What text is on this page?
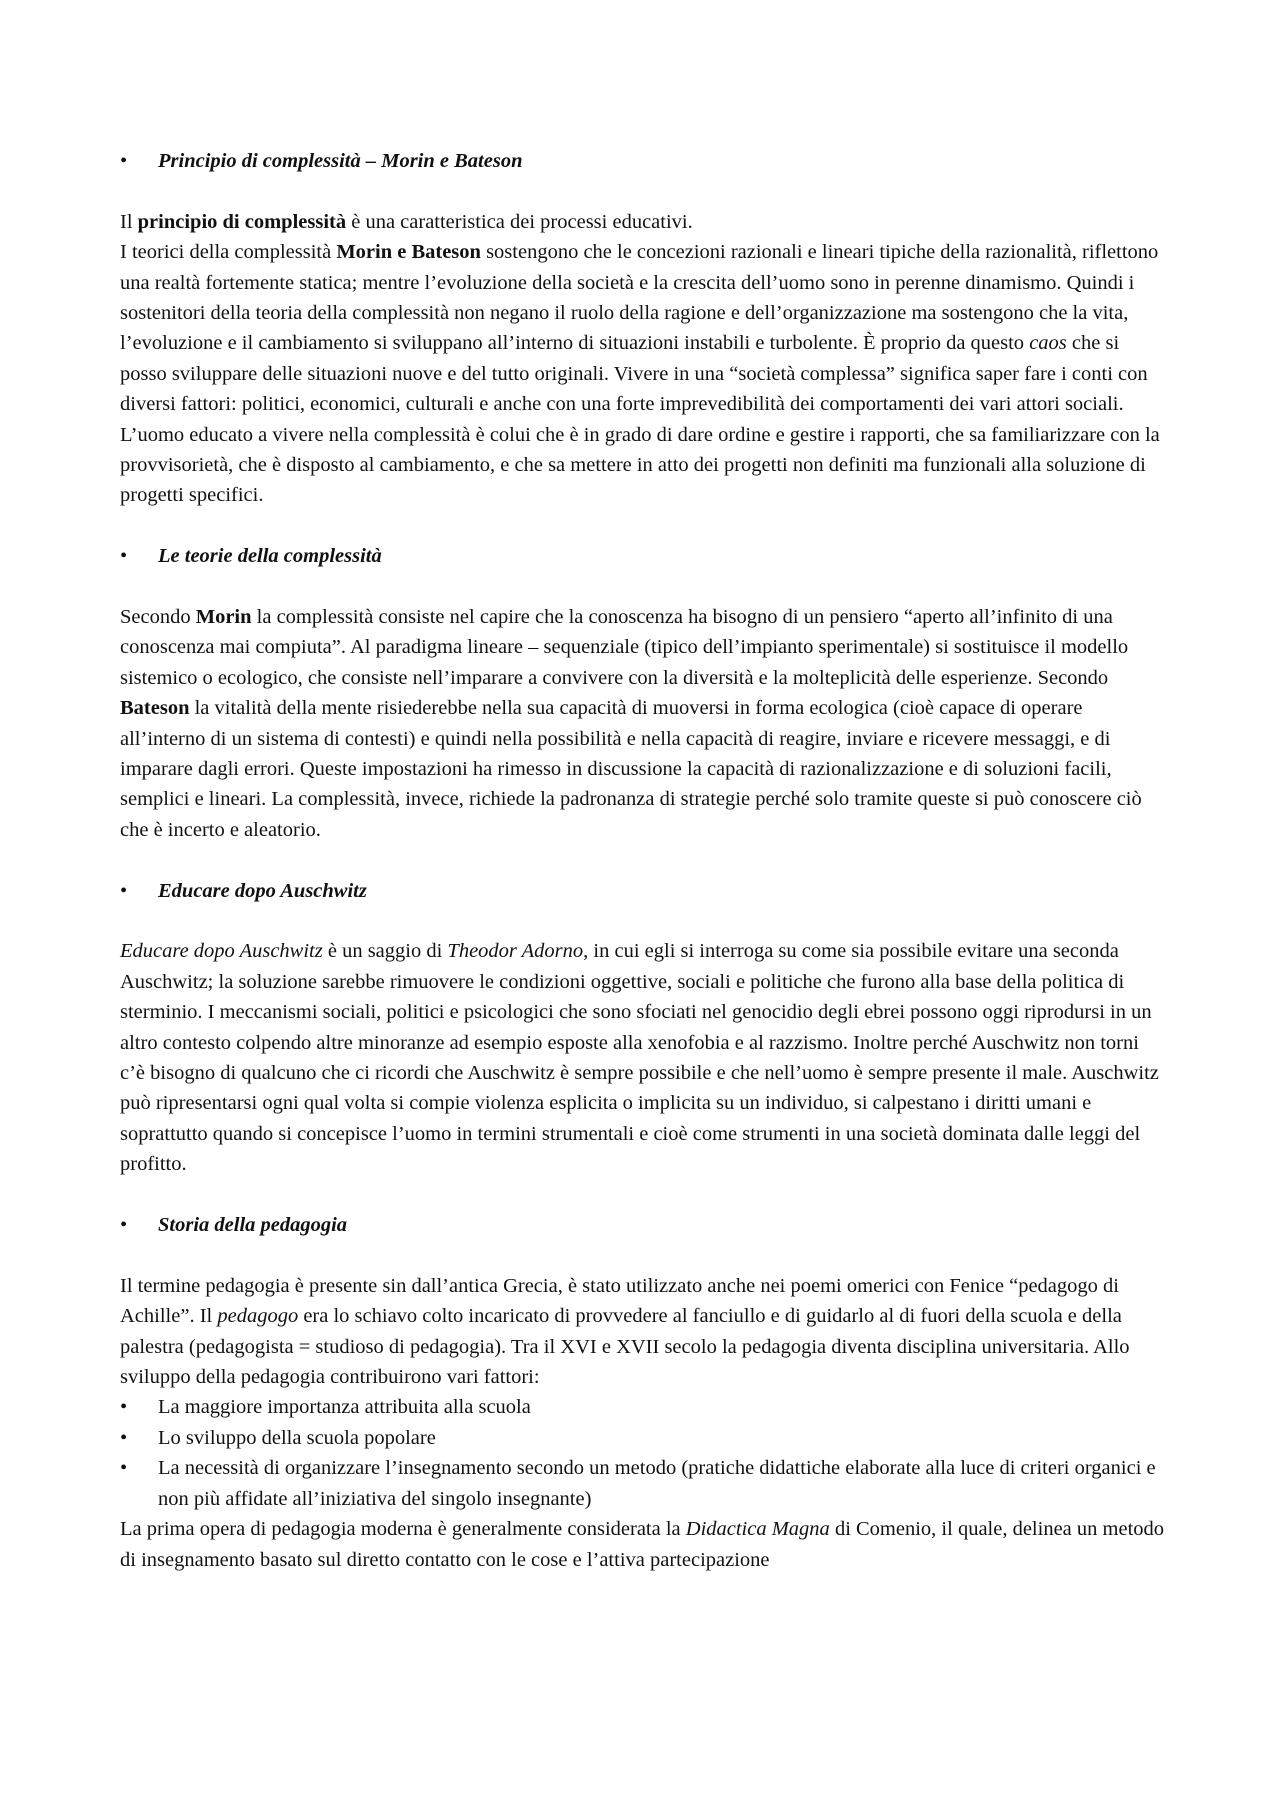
• Principio di complessità – Morin e Bateson

Il principio di complessità è una caratteristica dei processi educativi.

I teorici della complessità Morin e Bateson sostengono che le concezioni razionali e lineari tipiche della razionalità, riflettono una realtà fortemente statica; mentre l’evoluzione della società e la crescita dell’uomo sono in perenne dinamismo. Quindi i sostenitori della teoria della complessità non negano il ruolo della ragione e dell’organizzazione ma sostengono che la vita, l’evoluzione e il cambiamento si sviluppano all’interno di situazioni instabili e turbolente. È proprio da questo caos che si posso sviluppare delle situazioni nuove e del tutto originali. Vivere in una “società complessa” significa saper fare i conti con diversi fattori: politici, economici, culturali e anche con una forte imprevedibilità dei comportamenti dei vari attori sociali. L’uomo educato a vivere nella complessità è colui che è in grado di dare ordine e gestire i rapporti, che sa familiarizzare con la provvisorietà, che è disposto al cambiamento, e che sa mettere in atto dei progetti non definiti ma funzionali alla soluzione di progetti specifici.

• Le teorie della complessità

Secondo Morin la complessità consiste nel capire che la conoscenza ha bisogno di un pensiero “aperto all’infinito di una conoscenza mai compiuta”. Al paradigma lineare – sequenziale (tipico dell’impianto sperimentale) si sostituisce il modello sistemico o ecologico, che consiste nell’imparare a convivere con la diversità e la molteplicità delle esperienze. Secondo Bateson la vitalità della mente risiederebbe nella sua capacità di muoversi in forma ecologica (cioè capace di operare all’interno di un sistema di contesti) e quindi nella possibilità e nella capacità di reagire, inviare e ricevere messaggi, e di imparare dagli errori. Queste impostazioni ha rimesso in discussione la capacità di razionalizzazione e di soluzioni facili, semplici e lineari. La complessità, invece, richiede la padronanza di strategie perché solo tramite queste si può conoscere ciò che è incerto e aleatorio.

• Educare dopo Auschwitz

Educare dopo Auschwitz è un saggio di Theodor Adorno, in cui egli si interroga su come sia possibile evitare una seconda Auschwitz; la soluzione sarebbe rimuovere le condizioni oggettive, sociali e politiche che furono alla base della politica di sterminio. I meccanismi sociali, politici e psicologici che sono sfociati nel genocidio degli ebrei possono oggi riprodursi in un altro contesto colpendo altre minoranze ad esempio esposte alla xenofobia e al razzismo. Inoltre perché Auschwitz non torni c’è bisogno di qualcuno che ci ricordi che Auschwitz è sempre possibile e che nell’uomo è sempre presente il male. Auschwitz può ripresentarsi ogni qual volta si compie violenza esplicita o implicita su un individuo, si calpestano i diritti umani e soprattutto quando si concepisce l’uomo in termini strumentali e cioè come strumenti in una società dominata dalle leggi del profitto.

• Storia della pedagogia

Il termine pedagogia è presente sin dall’antica Grecia, è stato utilizzato anche nei poemi omerici con Fenice “pedagogo di Achille”. Il pedagogo era lo schiavo colto incaricato di provvedere al fanciullo e di guidarlo al di fuori della scuola e della palestra (pedagogista = studioso di pedagogia). Tra il XVI e XVII secolo la pedagogia diventa disciplina universitaria. Allo sviluppo della pedagogia contribuirono vari fattori:

• La maggiore importanza attribuita alla scuola
• Lo sviluppo della scuola popolare
• La necessità di organizzare l’insegnamento secondo un metodo (pratiche didattiche elaborate alla luce di criteri organici e non più affidate all’iniziativa del singolo insegnante)

La prima opera di pedagogia moderna è generalmente considerata la Didactica Magna di Comenio, il quale, delinea un metodo di insegnamento basato sul diretto contatto con le cose e l’attiva partecipazione
